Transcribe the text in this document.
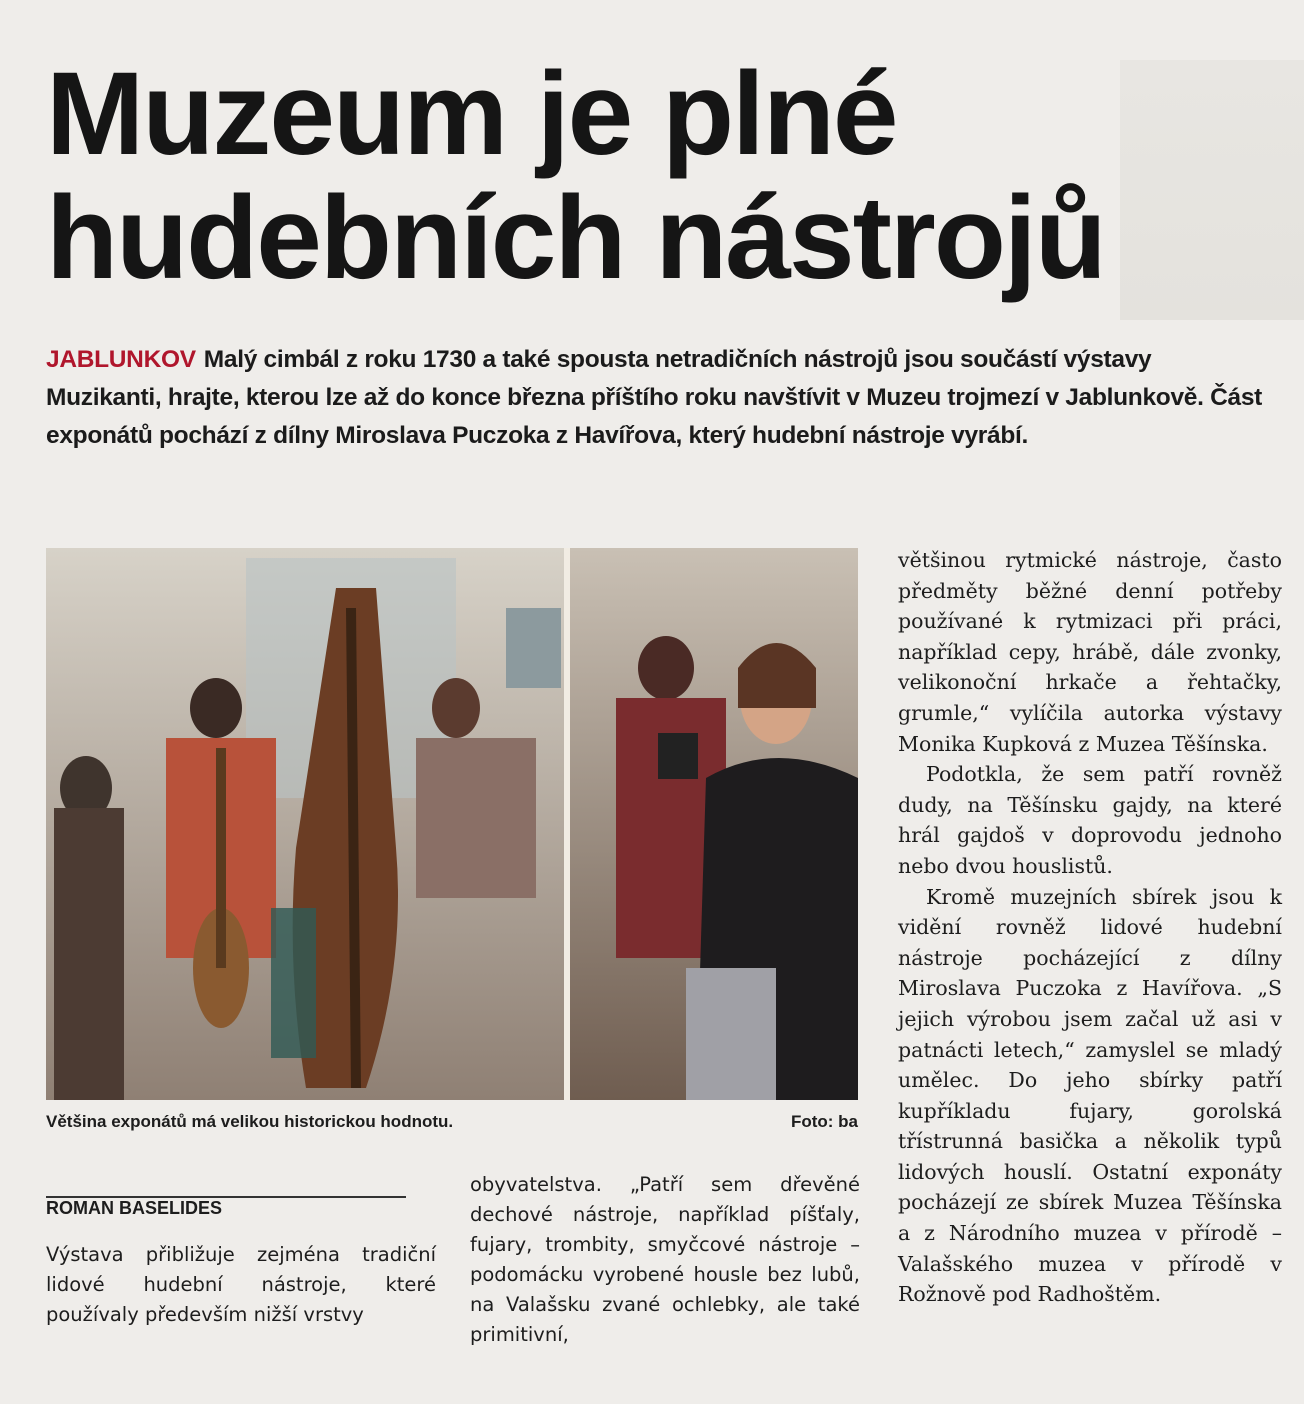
Muzeum je plné
hudebních nástrojů

JABLUNKOV Malý cimbál z roku 1730 a také spousta netradičních nástrojů jsou součástí výstavy Muzikanti, hrajte, kterou lze až do konce března příštího roku navštívit v Muzeu trojmezí v Jablunkově. Část exponátů pochází z dílny Miroslava Puczoka z Havířova, který hudební nástroje vyrábí.

Většina exponátů má velikou historickou hodnotu.	Foto: ba

ROMAN BASELIDES

Výstava přibližuje zejména tradiční lidové hudební nástroje, které používaly především nižší vrstvy

obyvatelstva. „Patří sem dřevěné dechové nástroje, například píšťaly, fujary, trombity, smyčcové nástroje – podomácku vyrobené housle bez lubů, na Valašsku zvané ochlebky, ale také primitivní,

většinou rytmické nástroje, často předměty běžné denní potřeby používané k rytmizaci při práci, například cepy, hrábě, dále zvonky, velikonoční hrkače a řehtačky, grumle,“ vylíčila autorka výstavy Monika Kupková z Muzea Těšínska.

Podotkla, že sem patří rovněž dudy, na Těšínsku gajdy, na které hrál gajdoš v doprovodu jednoho nebo dvou houslistů.

Kromě muzejních sbírek jsou k vidění rovněž lidové hudební nástroje pocházející z dílny Miroslava Puczoka z Havířova. „S jejich výrobou jsem začal už asi v patnácti letech,“ zamyslel se mladý umělec. Do jeho sbírky patří kupříkladu fujary, gorolská třístrunná basička a několik typů lidových houslí. Ostatní exponáty pocházejí ze sbírek Muzea Těšínska a z Národního muzea v přírodě – Valašského muzea v přírodě v Rožnově pod Radhoštěm.
